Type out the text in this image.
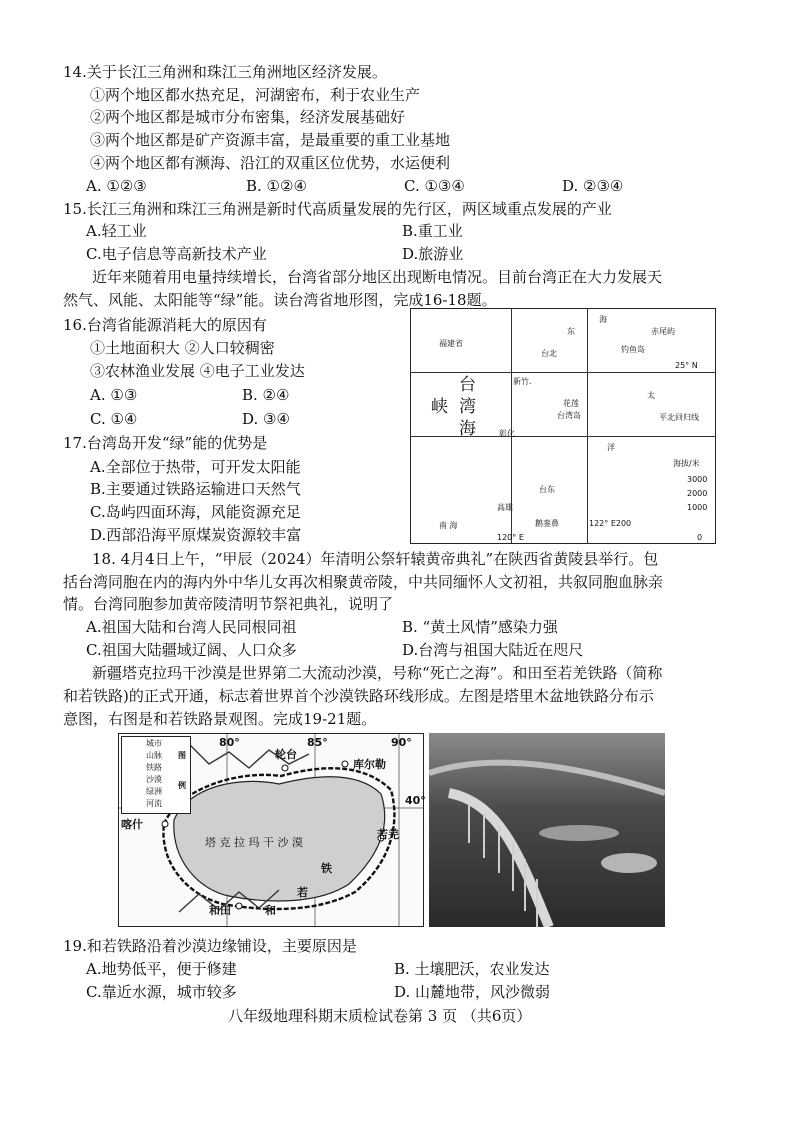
14.关于长江三角洲和珠江三角洲地区经济发展。
①两个地区都水热充足，河湖密布，利于农业生产
②两个地区都是城市分布密集，经济发展基础好
③两个地区都是矿产资源丰富，是最重要的重工业基地
④两个地区都有濒海、沿江的双重区位优势，水运便利
A. ①②③	B. ①②④	C. ①③④	D. ②③④
15.长江三角洲和珠江三角洲是新时代高质量发展的先行区，两区域重点发展的产业
A.轻工业	B.重工业
C.电子信息等高新技术产业	D.旅游业
近年来随着用电量持续增长，台湾省部分地区出现断电情况。目前台湾正在大力发展天
然气、风能、太阳能等“绿”能。读台湾省地形图，完成16-18题。
16.台湾省能源消耗大的原因有
①土地面积大 ②人口较稠密
③农林渔业发展 ④电子工业发达
A. ①③	B. ②④
C. ①④	D. ③④
17.台湾岛开发“绿”能的优势是
A.全部位于热带，可开发太阳能
B.主要通过铁路运输进口天然气
C.岛屿四面环海，风能资源充足
D.西部沿海平原煤炭资源较丰富
福建省
海
东
台北
赤尾屿
钓鱼岛
25° N
新竹.
花莲
台湾岛
彰化
太
平北回归线
峡
台
湾
海
洋
台东
高雄
鹅銮鼻
南 海
120° E
122° E200
海拔/米
3000
2000
1000
0
18. 4月4日上午，“甲辰（2024）年清明公祭轩辕黄帝典礼”在陕西省黄陵县举行。包
括台湾同胞在内的海内外中华儿女再次相聚黄帝陵，中共同缅怀人文初祖，共叙同胞血脉亲
情。台湾同胞参加黄帝陵清明节祭祀典礼，说明了
A.祖国大陆和台湾人民同根同祖	B. “黄土风情”感染力强
C.祖国大陆疆域辽阔、人口众多	D.台湾与祖国大陆近在咫尺
新疆塔克拉玛干沙漠是世界第二大流动沙漠，号称“死亡之海”。和田至若羌铁路（简称
和若铁路)的正式开通，标志着世界首个沙漠铁路环线形成。左图是塔里木盆地铁路分布示
意图，右图是和若铁路景观图。完成19-21题。
城市
山脉
铁路
沙漠
绿洲
河流
图
例
80°	85°	90°
40°
轮台
库尔勒
喀什
若羌
和田
塔 克 拉 玛 干 沙 漠
和
若
铁
19.和若铁路沿着沙漠边缘铺设，主要原因是
A.地势低平，便于修建	B. 土壤肥沃，农业发达
C.靠近水源，城市较多	D. 山麓地带，风沙微弱
八年级地理科期末质检试卷第 3 页 （共6页）
